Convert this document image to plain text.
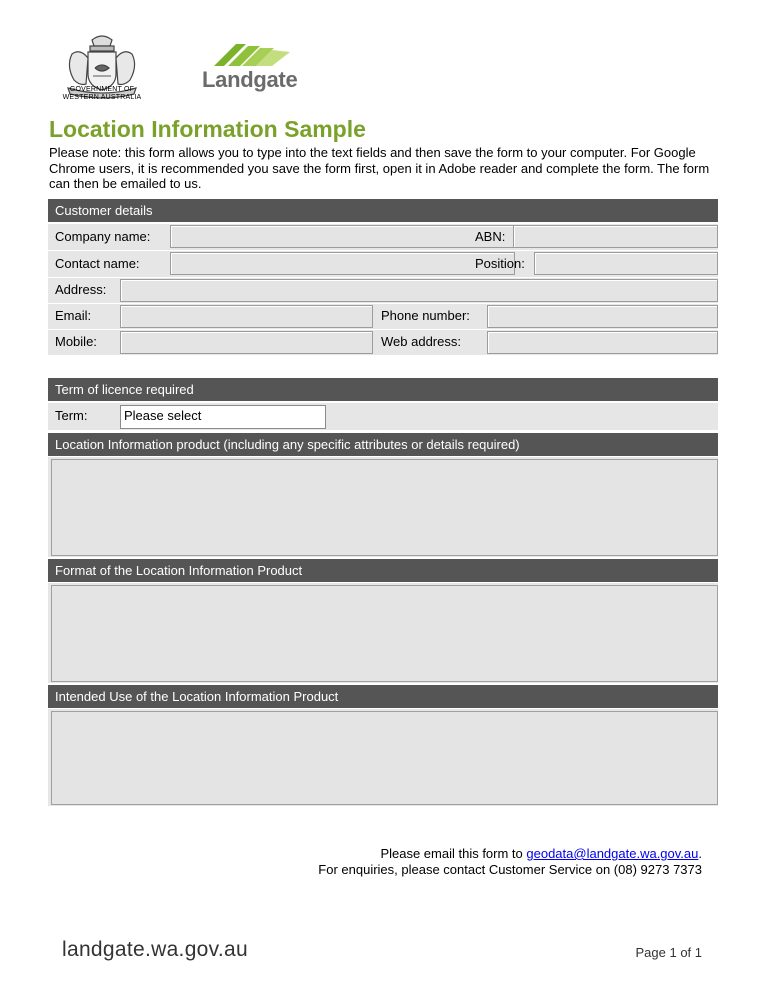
GOVERNMENT OF
WESTERN AUSTRALIA
Landgate
Location Information Sample
Please note: this form allows you to type into the text fields and then save the form to your computer. For Google Chrome users, it is recommended you save the form first, open it in Adobe reader and complete the form. The form can then be emailed to us.
Customer details
Company name:	ABN:
Contact name:	Position:
Address:
Email:	Phone number:
Mobile:	Web address:
Term of licence required
Term:	Please select
Location Information product (including any specific attributes or details required)
Format of the Location Information Product
Intended Use of the Location Information Product
Please email this form to geodata@landgate.wa.gov.au.
For enquiries, please contact Customer Service on (08) 9273 7373
landgate.wa.gov.au	Page 1 of 1
